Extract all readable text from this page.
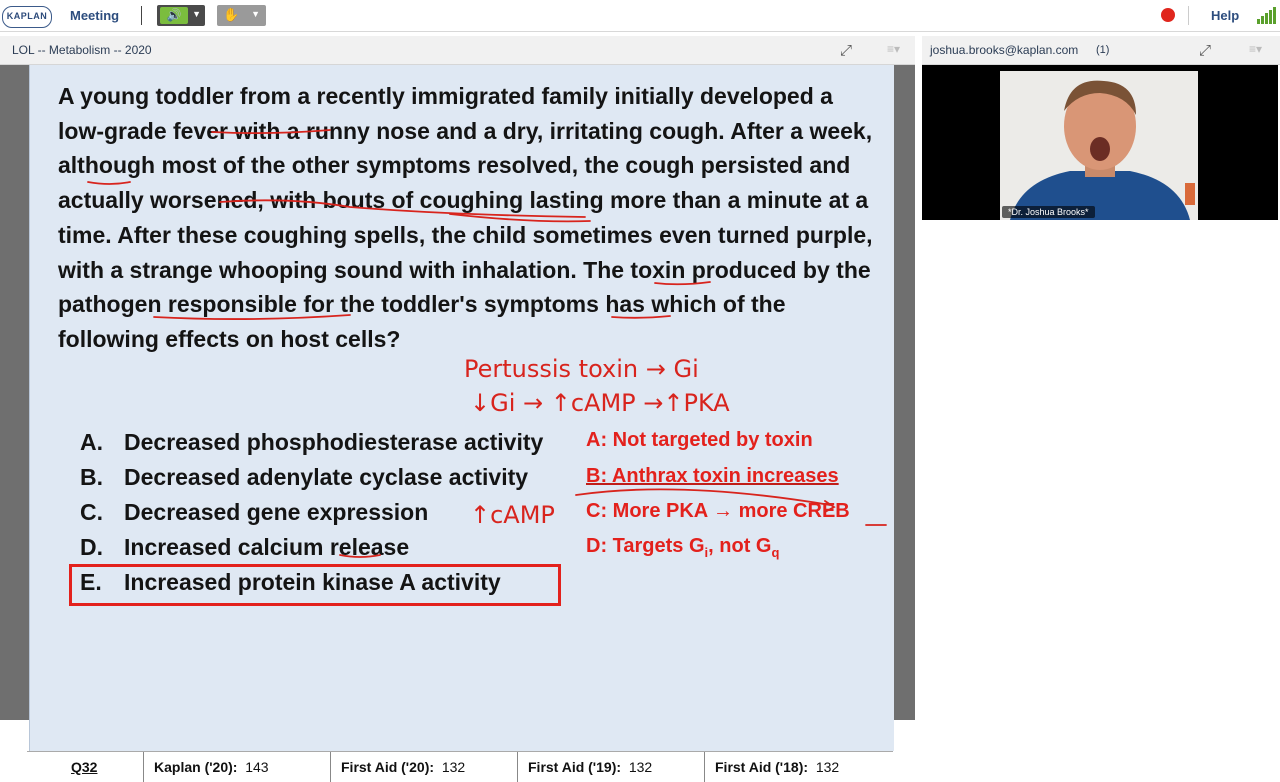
KAPLAN	Meeting	🔊	▼ ✋ ▼	Help
LOL -- Metabolism -- 2020	⤢	≡▾
A young toddler from a recently immigrated family initially developed a low-grade fever with a runny nose and a dry, irritating cough. After a week, although most of the other symptoms resolved, the cough persisted and actually worsened, with bouts of coughing lasting more than a minute at a time. After these coughing spells, the child sometimes even turned purple, with a strange whooping sound with inhalation. The toxin produced by the pathogen responsible for the toddler's symptoms has which of the following effects on host cells?
A. Decreased phosphodiesterase activity
B. Decreased adenylate cyclase activity
C. Decreased gene expression
D. Increased calcium release
E. Increased protein kinase A activity
A: Not targeted by toxin
B: Anthrax toxin increases
C: More PKA → more CREB
D: Targets $G_i$, not $G_q$
Pertussis toxin → Gi
↓Gi → ↑cAMP →↑PKA
↑cAMP
Q32	Kaplan ('20): 143	First Aid ('20): 132	First Aid ('19): 132	First Aid ('18): 132
joshua.brooks@kaplan.com (1)	⤢	≡▾
*Dr. Joshua Brooks*
